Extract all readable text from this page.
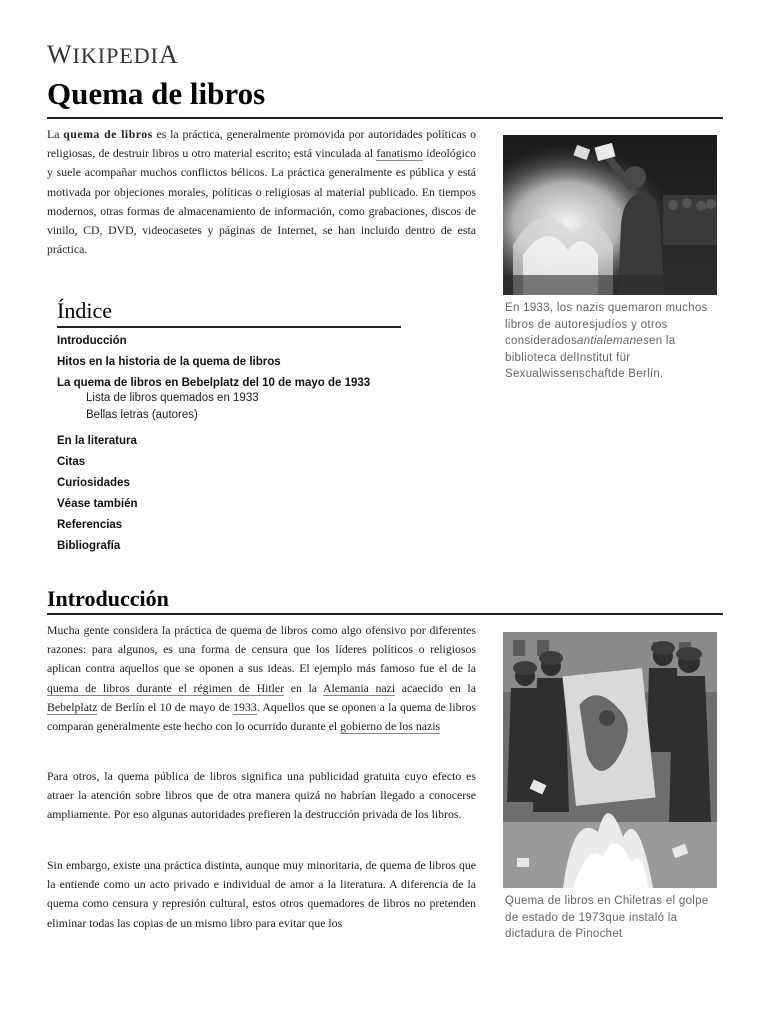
WIKIPEDIA
Quema de libros

La quema de libros es la práctica, generalmente promovida por autoridades políticas o religiosas, de destruir libros u otro material escrito; está vinculada al fanatismo ideológico y suele acompañar muchos conflictos bélicos. La práctica generalmente es pública y está motivada por objeciones morales, políticas o religiosas al material publicado. En tiempos modernos, otras formas de almacenamiento de información, como grabaciones, discos de vinilo, CD, DVD, videocasetes y páginas de Internet, se han incluido dentro de esta práctica.

En 1933, los nazis quemaron muchos libros de autoresjudíos y otros consideradosantialemanesen la biblioteca delInstitut für Sexualwissenschaftde Berlín.

Índice
Introducción
Hitos en la historia de la quema de libros
La quema de libros en Bebelplatz del 10 de mayo de 1933
Lista de libros quemados en 1933
Bellas letras (autores)
En la literatura
Citas
Curiosidades
Véase también
Referencias
Bibliografía
Introducción

Mucha gente considera la práctica de quema de libros como algo ofensivo por diferentes razones: para algunos, es una forma de censura que los líderes políticos o religiosos aplican contra aquellos que se oponen a sus ideas. El ejemplo más famoso fue el de la quema de libros durante el régimen de Hitler en la Alemania nazi acaecido en la Bebelplatz de Berlín el 10 de mayo de 1933. Aquellos que se oponen a la quema de libros comparan generalmente este hecho con lo ocurrido durante el gobierno de los nazis

Para otros, la quema pública de libros significa una publicidad gratuita cuyo efecto es atraer la atención sobre libros que de otra manera quizá no habrían llegado a conocerse ampliamente. Por eso algunas autoridades prefieren la destrucción privada de los libros.

Sin embargo, existe una práctica distinta, aunque muy minoritaria, de quema de libros que la entiende como un acto privado e individual de amor a la literatura. A diferencia de la quema como censura y represión cultural, estos otros quemadores de libros no pretenden eliminar todas las copias de un mismo libro para evitar que los

Quema de libros en Chiletras el golpe de estado de 1973que instaló la dictadura de Pinochet
